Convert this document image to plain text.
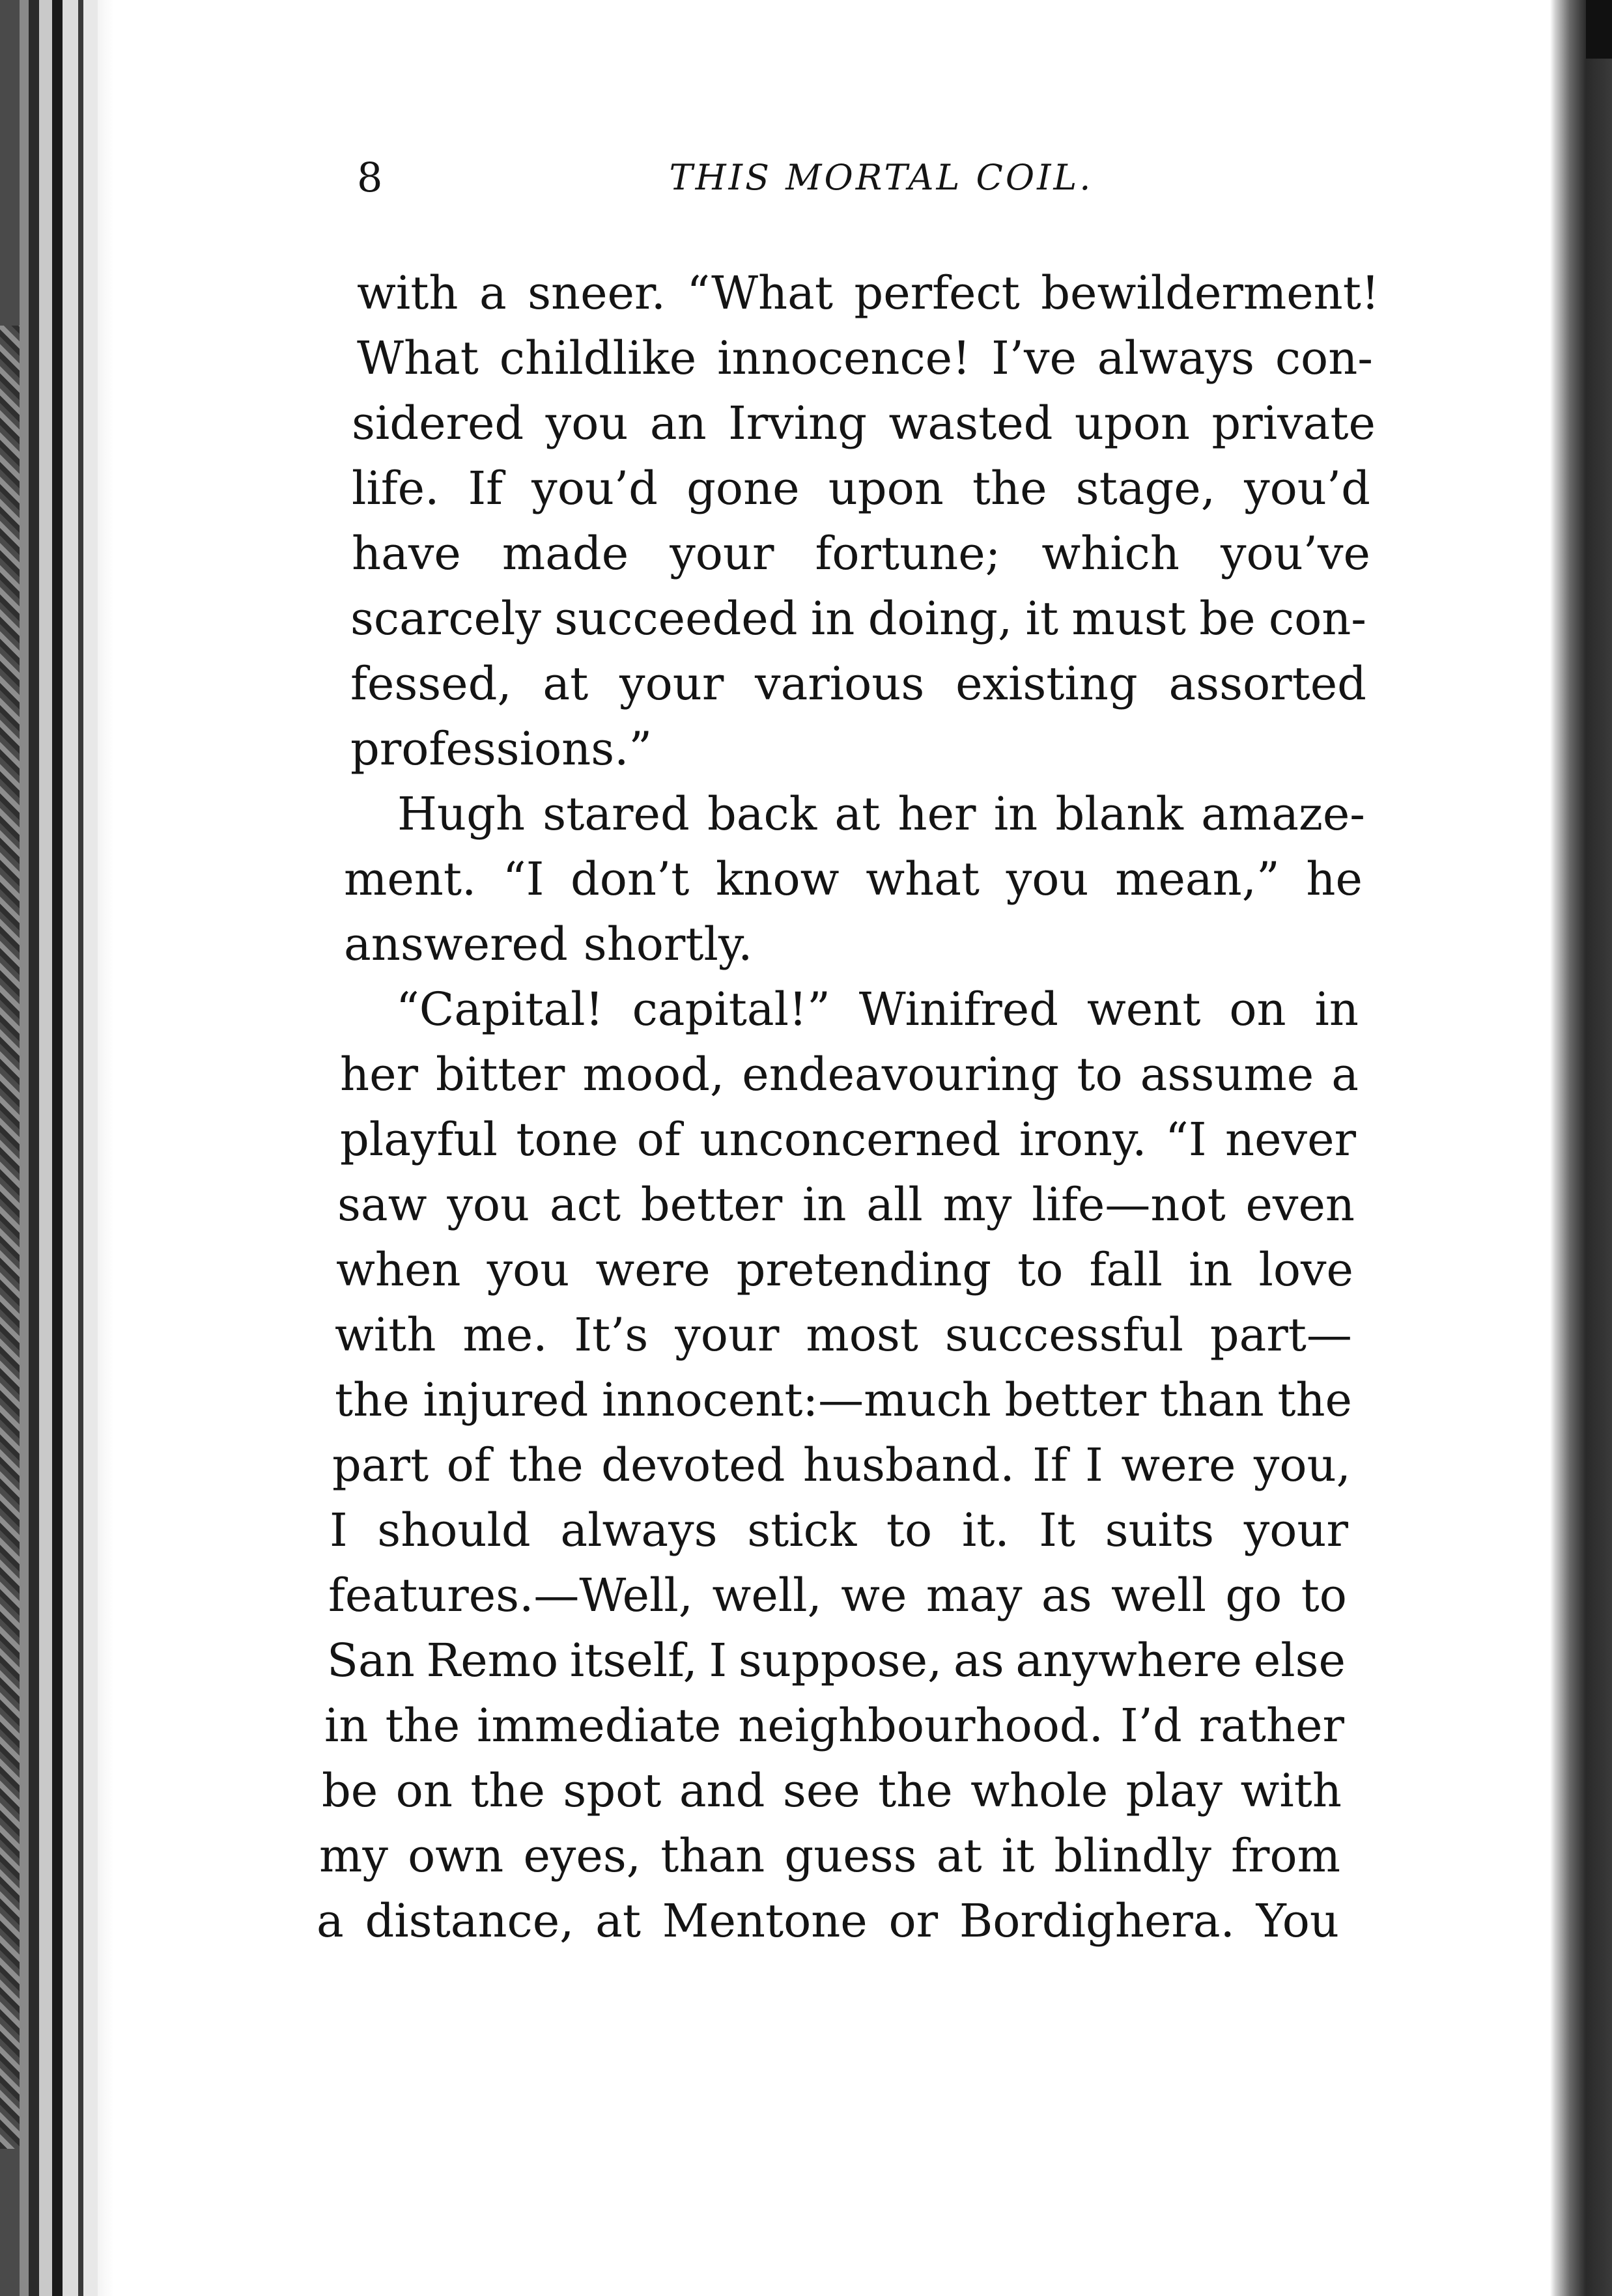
8	THIS MORTAL COIL.
with a sneer. “What perfect bewilderment!
What childlike innocence! I’ve always con-
sidered you an Irving wasted upon private
life. If you’d gone upon the stage, you’d
have made your fortune; which you’ve
scarcely succeeded in doing, it must be con-
fessed, at your various existing assorted
professions.”
Hugh stared back at her in blank amaze-
ment. “I don’t know what you mean,” he
answered shortly.
“Capital! capital!” Winifred went on in
her bitter mood, endeavouring to assume a
playful tone of unconcerned irony. “I never
saw you act better in all my life—not even
when you were pretending to fall in love
with me. It’s your most successful part—
the injured innocent:—much better than the
part of the devoted husband. If I were you,
I should always stick to it. It suits your
features.—Well, well, we may as well go to
San Remo itself, I suppose, as anywhere else
in the immediate neighbourhood. I’d rather
be on the spot and see the whole play with
my own eyes, than guess at it blindly from
a distance, at Mentone or Bordighera. You
